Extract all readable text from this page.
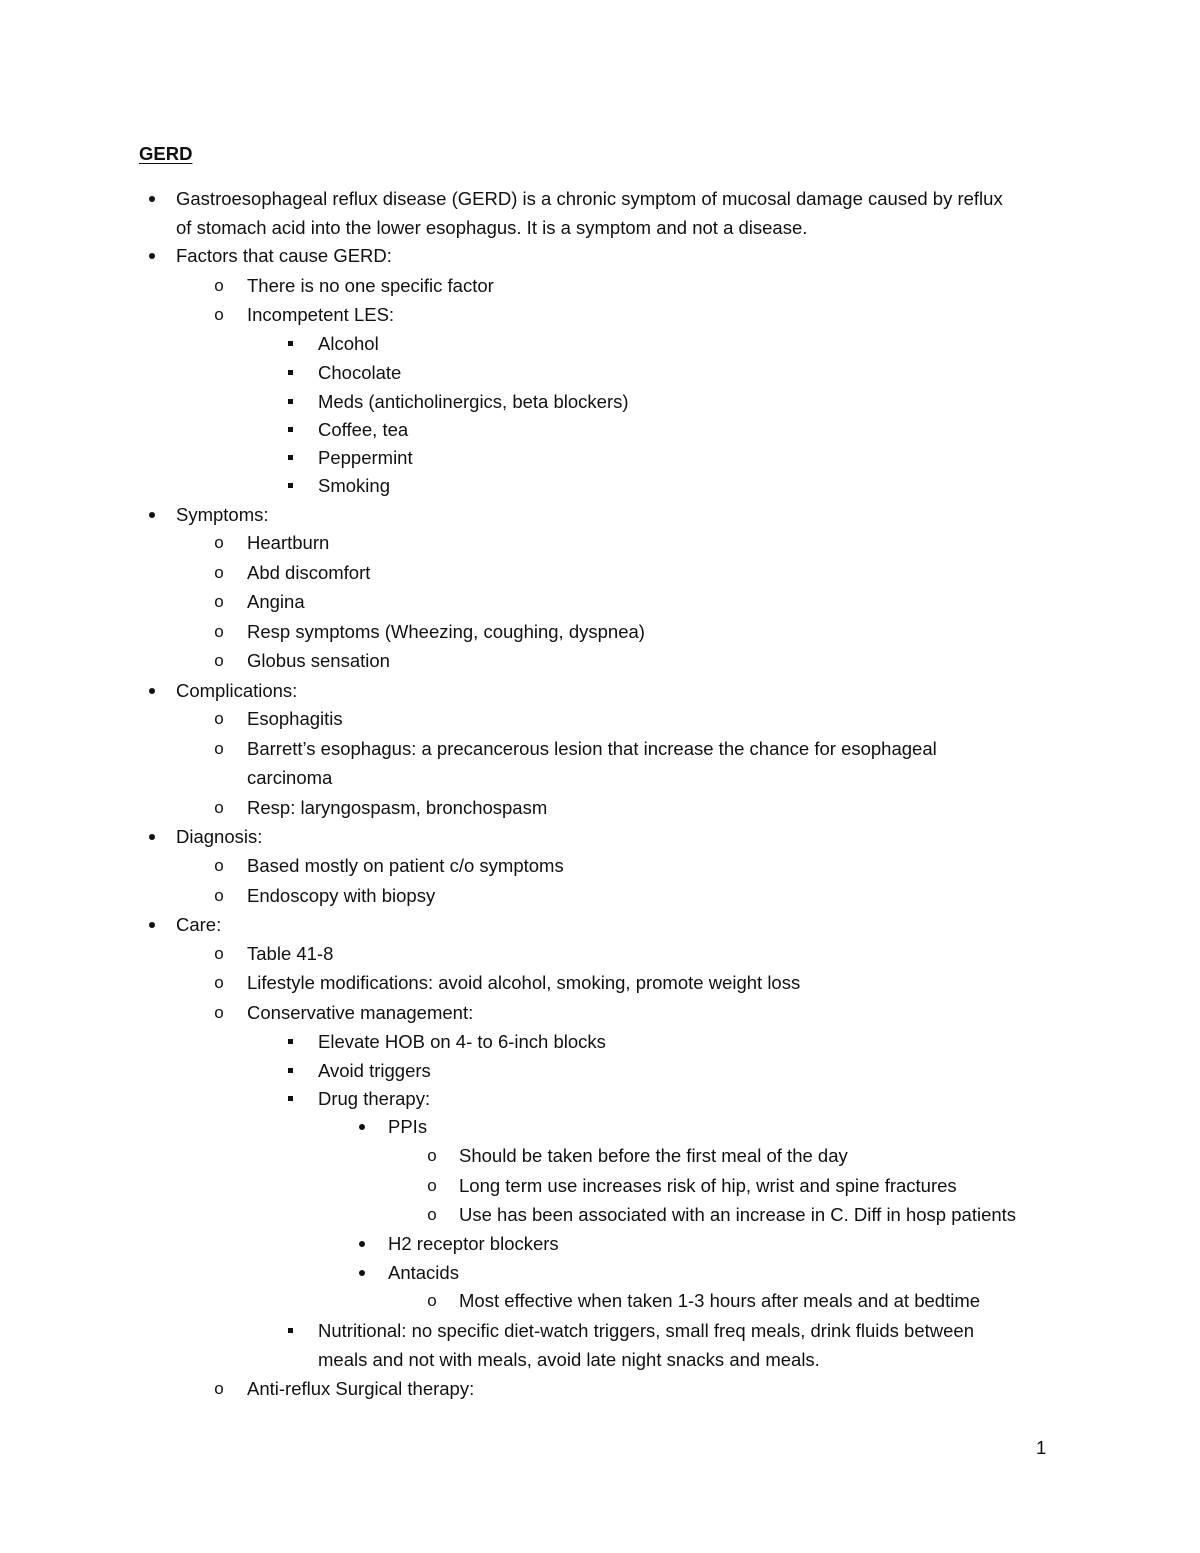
GERD
Gastroesophageal reflux disease (GERD) is a chronic symptom of mucosal damage caused by reflux
of stomach acid into the lower esophagus. It is a symptom and not a disease.
Factors that cause GERD:
o There is no one specific factor
o Incompetent LES:
Alcohol
Chocolate
Meds (anticholinergics, beta blockers)
Coffee, tea
Peppermint
Smoking
Symptoms:
o Heartburn
o Abd discomfort
o Angina
o Resp symptoms (Wheezing, coughing, dyspnea)
o Globus sensation
Complications:
o Esophagitis
o Barrett’s esophagus: a precancerous lesion that increase the chance for esophageal
carcinoma
o Resp: laryngospasm, bronchospasm
Diagnosis:
o Based mostly on patient c/o symptoms
o Endoscopy with biopsy
Care:
o Table 41-8
o Lifestyle modifications: avoid alcohol, smoking, promote weight loss
o Conservative management:
Elevate HOB on 4- to 6-inch blocks
Avoid triggers
Drug therapy:
PPIs
o Should be taken before the first meal of the day
o Long term use increases risk of hip, wrist and spine fractures
o Use has been associated with an increase in C. Diff in hosp patients
H2 receptor blockers
Antacids
o Most effective when taken 1-3 hours after meals and at bedtime
Nutritional: no specific diet-watch triggers, small freq meals, drink fluids between
meals and not with meals, avoid late night snacks and meals.
o Anti-reflux Surgical therapy:
1
